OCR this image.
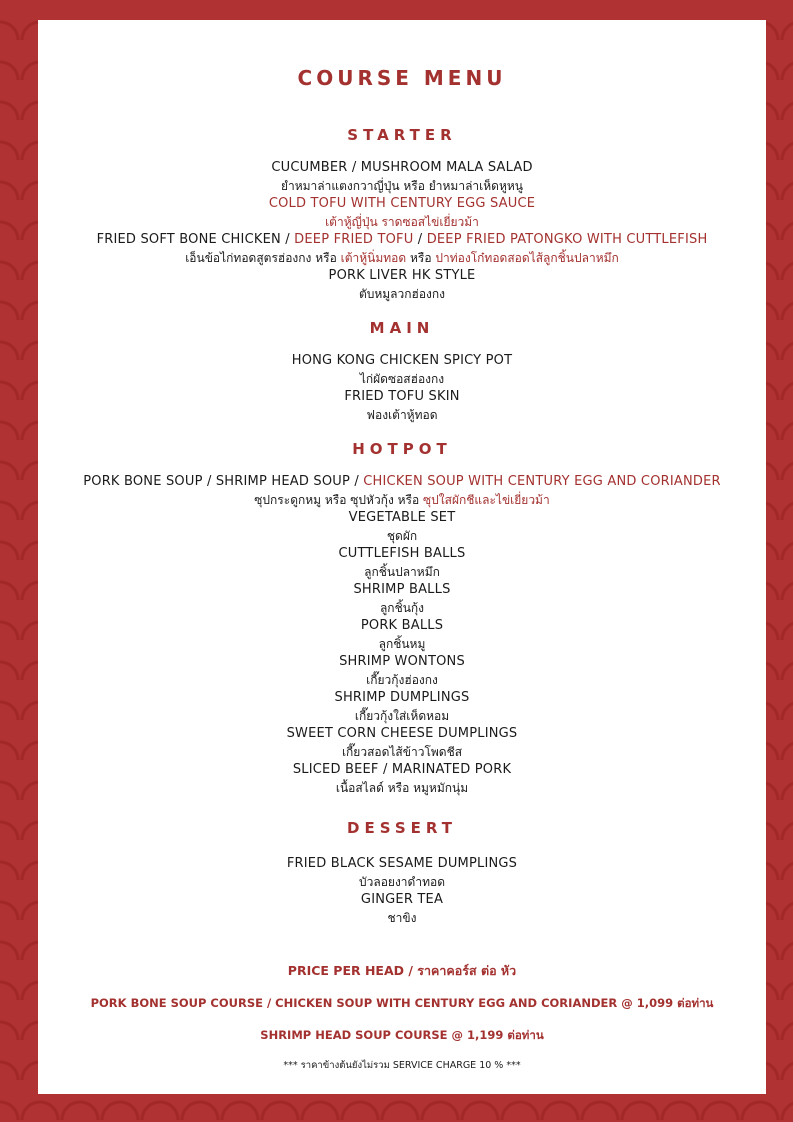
COURSE MENU
STARTER
CUCUMBER / MUSHROOM MALA SALAD
ยำหมาล่าแตงกวาญี่ปุ่น หรือ ยำหมาล่าเห็ดหูหนู
COLD TOFU WITH CENTURY EGG SAUCE
เต้าหู้ญี่ปุ่น ราดซอสไข่เยี่ยวม้า
FRIED SOFT BONE CHICKEN / DEEP FRIED TOFU / DEEP FRIED PATONGKO WITH CUTTLEFISH
เอ็นข้อไก่ทอดสูตรฮ่องกง หรือ เต้าหู้นิ่มทอด หรือ ปาท่องโก๋ทอดสอดไส้ลูกชิ้นปลาหมึก
PORK LIVER HK STYLE
ตับหมูลวกฮ่องกง
MAIN
HONG KONG CHICKEN SPICY POT
ไก่ผัดซอสฮ่องกง
FRIED TOFU SKIN
ฟองเต้าหู้ทอด
HOTPOT
PORK BONE SOUP / SHRIMP HEAD SOUP / CHICKEN SOUP WITH CENTURY EGG AND CORIANDER
ซุปกระดูกหมู หรือ ซุปหัวกุ้ง หรือ ซุปใสผักชีและไข่เยี่ยวม้า
VEGETABLE SET
ชุดผัก
CUTTLEFISH BALLS
ลูกชิ้นปลาหมึก
SHRIMP BALLS
ลูกชิ้นกุ้ง
PORK BALLS
ลูกชิ้นหมู
SHRIMP WONTONS
เกี๊ยวกุ้งฮ่องกง
SHRIMP DUMPLINGS
เกี๊ยวกุ้งใส่เห็ดหอม
SWEET CORN CHEESE DUMPLINGS
เกี๊ยวสอดไส้ข้าวโพดชีส
SLICED BEEF / MARINATED PORK
เนื้อสไลด์ หรือ หมูหมักนุ่ม
DESSERT
FRIED BLACK SESAME DUMPLINGS
บัวลอยงาดำทอด
GINGER TEA
ชาขิง
PRICE PER HEAD / ราคาคอร์ส ต่อ หัว
PORK BONE SOUP COURSE / CHICKEN SOUP WITH CENTURY EGG AND CORIANDER @ 1,099 ต่อท่าน
SHRIMP HEAD SOUP COURSE @ 1,199 ต่อท่าน
*** ราคาข้างต้นยังไม่รวม SERVICE CHARGE 10 % ***
